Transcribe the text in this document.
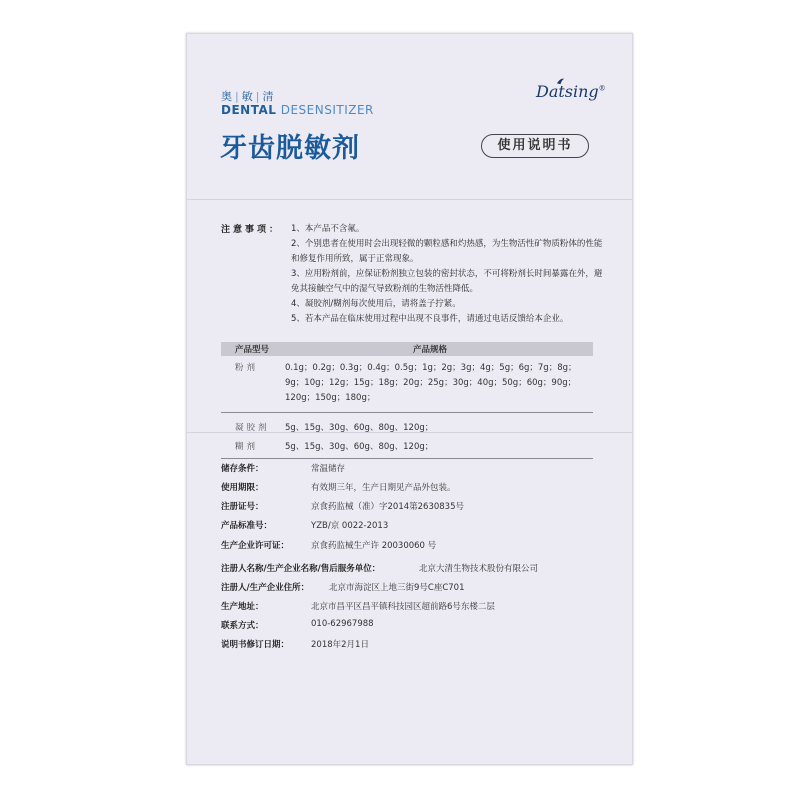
奥 | 敏 | 清
DENTAL DESENSITIZER
牙齿脱敏剂
Datsing®
使用说明书
注意事项： 1、本产品不含氟。
2、个别患者在使用时会出现轻微的颗粒感和灼热感，为生物活性矿物质粉体的性能和修复作用所致，属于正常现象。
3、应用粉剂前，应保证粉剂独立包装的密封状态，不可将粉剂长时间暴露在外，避免其接触空气中的湿气导致粉剂的生物活性降低。
4、凝胶剂/糊剂每次使用后，请将盖子拧紧。
5、若本产品在临床使用过程中出现不良事件，请通过电话反馈给本企业。
产品型号	产品规格
粉剂	0.1g；0.2g；0.3g；0.4g；0.5g；1g；2g；3g；4g；5g；6g；7g；8g；9g；10g；12g；15g；18g；20g；25g；30g；40g；50g；60g；90g；120g；150g；180g；
凝胶剂 5g、15g、30g、60g、80g、120g；
糊剂	5g、15g、30g、60g、80g、120g；
储存条件：	常温储存
使用期限：	有效期三年，生产日期见产品外包装。
注册证号：	京食药监械（准）字2014第2630835号
产品标准号：	YZB/京 0022-2013
生产企业许可证：	京食药监械生产许 20030060 号
注册人名称/生产企业名称/售后服务单位：	北京大清生物技术股份有限公司
注册人/生产企业住所： 北京市海淀区上地三街9号C座C701
生产地址：	北京市昌平区昌平镇科技园区超前路6号东楼二层
联系方式：	010-62967988
说明书修订日期：	2018年2月1日
